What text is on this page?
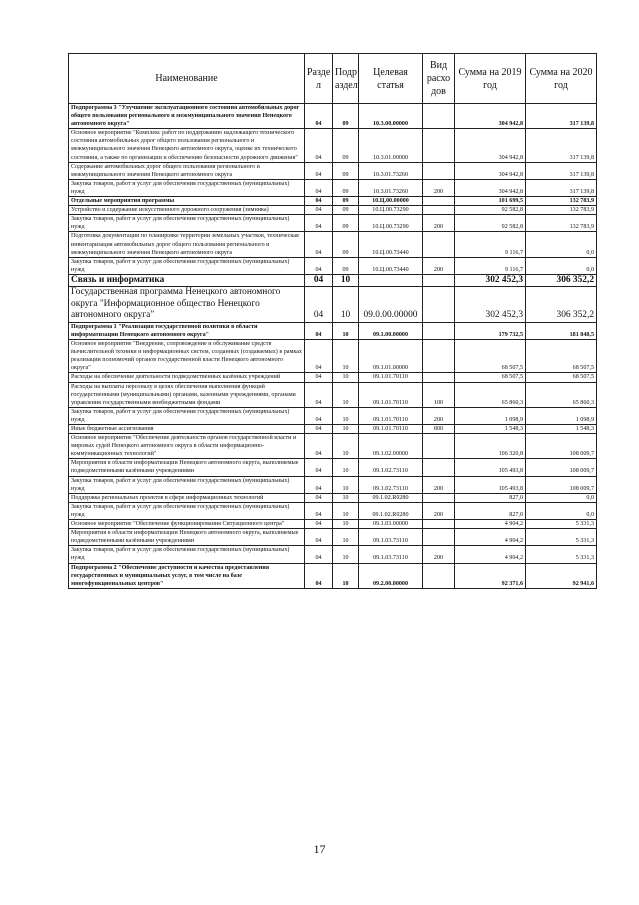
Наименование	Разде л	Подр аздел	Целевая статья	Вид расхо дов	Сумма на 2019 год	Сумма на 2020 год
Подпрограмма 3 "Улучшение эксплуатационного состояния автомобильных дорог общего пользования регионального и межмуниципального значения Ненецкого автономного округа"	04	09	10.3.00.00000		304 942,8	317 139,8
Основное мероприятие "Комплекс работ по поддержанию надлежащего технического состояния автомобильных дорог общего пользования регионального и межмуниципального значения Ненецкого автономного округа, оценке их технического состояния, а также по организации и обеспечению безопасности дорожного движения"	04	09	10.3.01.00000		304 942,8	317 139,8
Содержание автомобильных дорог общего пользования регионального и межмуниципального значения Ненецкого автономного округа	04	09	10.3.01.73260		304 942,8	317 139,8
Закупка товаров, работ и услуг для обеспечения государственных (муниципальных) нужд	04	09	10.3.01.73260	200	304 942,8	317 139,8
Отдельные мероприятия программы	04	09	10.Ц.00.00000		101 699,5	132 783,9
Устройство и содержание искусственного дорожного сооружения (зимника)	04	09	10.Ц.00.73290		92 582,8	132 783,9
Закупка товаров, работ и услуг для обеспечения государственных (муниципальных) нужд	04	09	10.Ц.00.73290	200	92 582,8	132 783,9
Подготовка документации по планировке территории земельных участков, техническая инвентаризация автомобильных дорог общего пользования регионального и межмуниципального значения Ненецкого автономного округа	04	09	10.Ц.00.73440		9 116,7	0,0
Закупка товаров, работ и услуг для обеспечения государственных (муниципальных) нужд	04	09	10.Ц.00.73440	200	9 116,7	0,0
Связь и информатика	04	10			302 452,3	306 352,2
Государственная программа Ненецкого автономного округа "Информационное общество Ненецкого автономного округа"	04	10	09.0.00.00000		302 452,3	306 352,2
Подпрограмма 1 "Реализация государственной политики в области информатизации Ненецкого автономного округа"	04	10	09.1.00.00000		179 732,5	181 848,5
Основное мероприятие "Внедрение, сопровождение и обслуживание средств вычислительной техники и информационных систем, созданных (создаваемых) в рамках реализации полномочий органов государственной власти Ненецкого автономного округа"	04	10	09.1.01.00000		68 507,5	68 507,5
Расходы на обеспечение деятельности подведомственных казённых учреждений	04	10	09.1.01.70110		68 507,5	68 507,5
Расходы на выплаты персоналу в целях обеспечения выполнения функций государственными (муниципальными) органами, казенными учреждениями, органами управления государственными внебюджетными фондами	04	10	09.1.01.70110	100	65 860,3	65 860,3
Закупка товаров, работ и услуг для обеспечения государственных (муниципальных) нужд	04	10	09.1.01.70110	200	1 098,9	1 098,9
Иные бюджетные ассигнования	04	10	09.1.01.70110	800	1 548,3	1 548,3
Основное мероприятие "Обеспечение деятельности органов государственной власти и мировых судей Ненецкого автономного округа в области информационно-коммуникационных технологий"	04	10	09.1.02.00000		106 320,8	108 009,7
Мероприятия в области информатизации Ненецкого автономного округа, выполняемые подведомственными казёнными учреждениями	04	10	09.1.02.73110		105 493,8	108 009,7
Закупка товаров, работ и услуг для обеспечения государственных (муниципальных) нужд	04	10	09.1.02.73110	200	105 493,8	108 009,7
Поддержка региональных проектов в сфере информационных технологий	04	10	09.1.02.R0280		827,0	0,0
Закупка товаров, работ и услуг для обеспечения государственных (муниципальных) нужд	04	10	09.1.02.R0280	200	827,0	0,0
Основное мероприятие "Обеспечение функционирования Ситуационного центра"	04	10	09.1.03.00000		4 904,2	5 331,3
Мероприятия в области информатизации Ненецкого автономного округа, выполняемые подведомственными казёнными учреждениями	04	10	09.1.03.73110		4 904,2	5 331,3
Закупка товаров, работ и услуг для обеспечения государственных (муниципальных) нужд	04	10	09.1.03.73110	200	4 904,2	5 331,3
Подпрограмма 2 "Обеспечение доступности и качества предоставления государственных и муниципальных услуг, в том числе на базе многофункциональных центров"	04	10	09.2.00.00000		92 371,6	92 941,6
17
